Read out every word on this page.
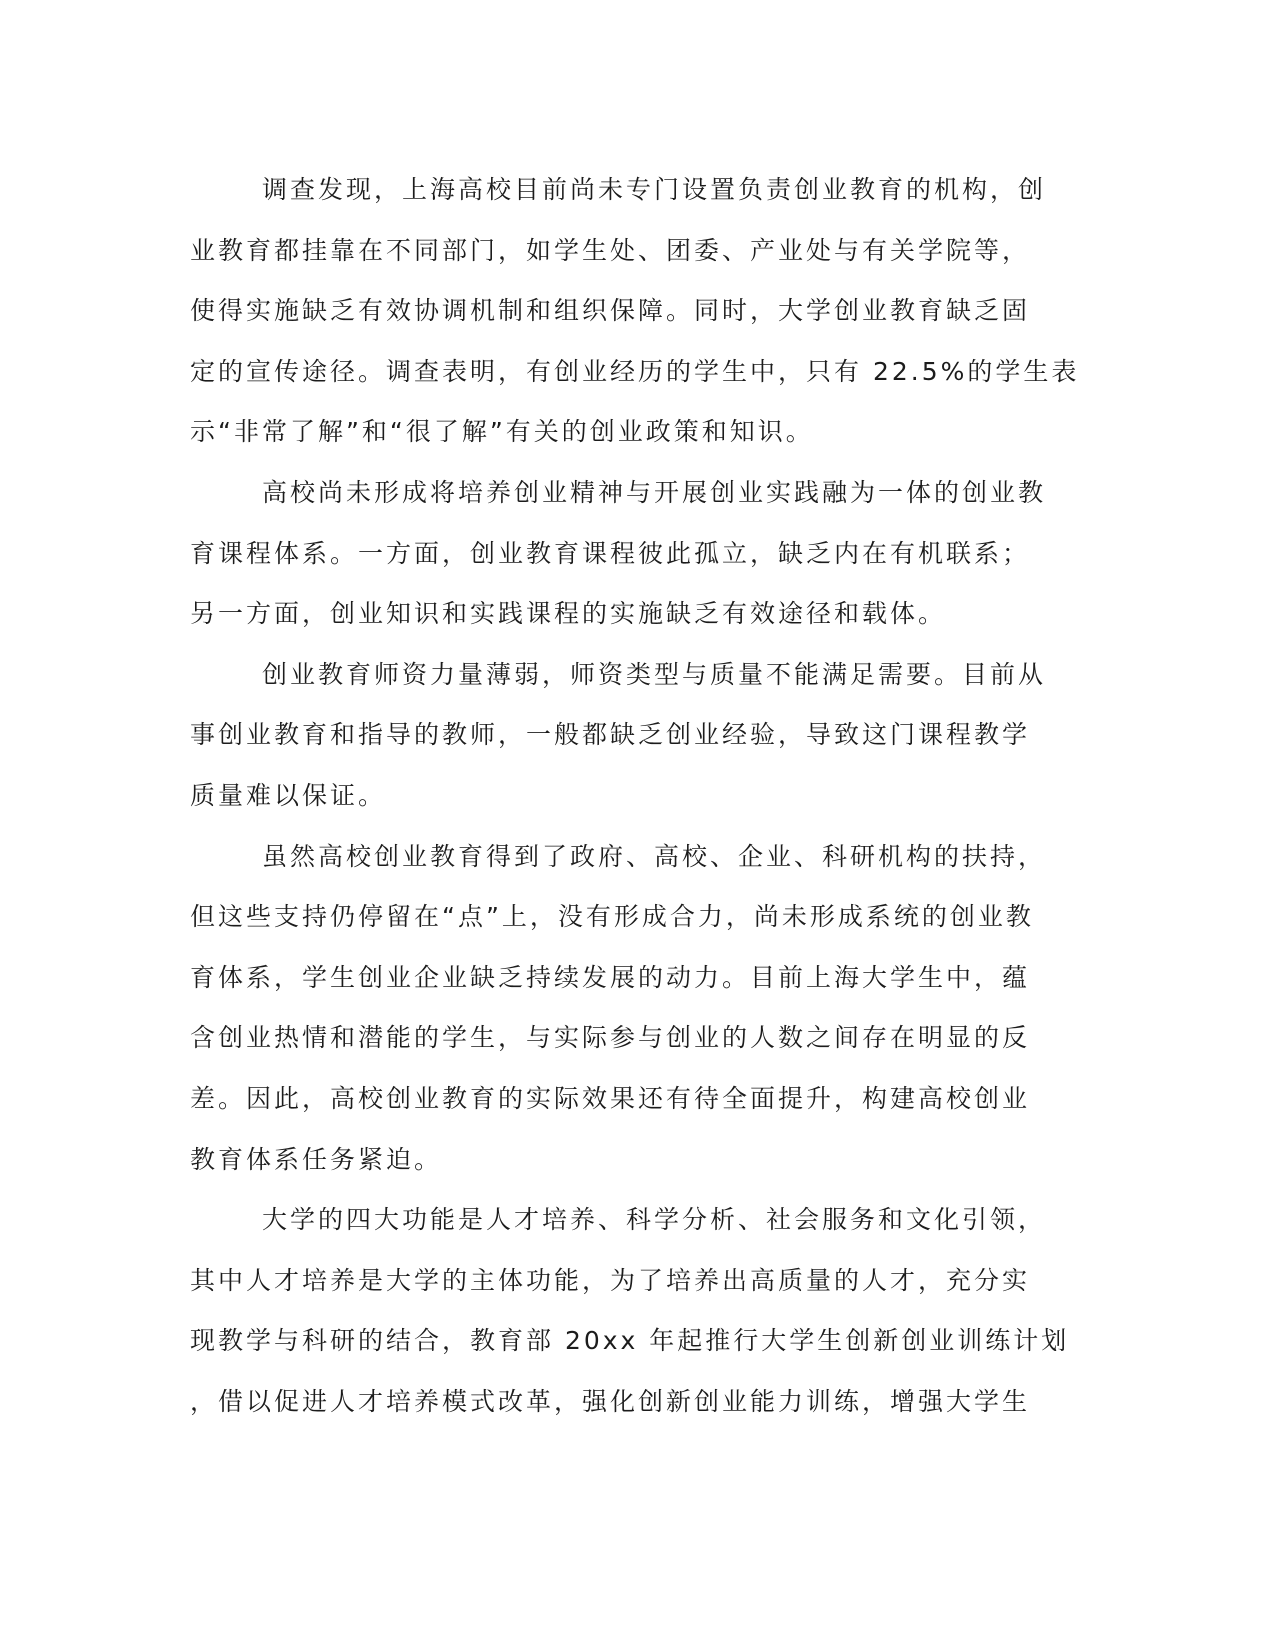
调查发现，上海高校目前尚未专门设置负责创业教育的机构，创
业教育都挂靠在不同部门，如学生处、团委、产业处与有关学院等，
使得实施缺乏有效协调机制和组织保障。同时，大学创业教育缺乏固
定的宣传途径。调查表明，有创业经历的学生中，只有 22.5%的学生表
示“非常了解”和“很了解”有关的创业政策和知识。
高校尚未形成将培养创业精神与开展创业实践融为一体的创业教
育课程体系。一方面，创业教育课程彼此孤立，缺乏内在有机联系；
另一方面，创业知识和实践课程的实施缺乏有效途径和载体。
创业教育师资力量薄弱，师资类型与质量不能满足需要。目前从
事创业教育和指导的教师，一般都缺乏创业经验，导致这门课程教学
质量难以保证。
虽然高校创业教育得到了政府、高校、企业、科研机构的扶持，
但这些支持仍停留在“点”上，没有形成合力，尚未形成系统的创业教
育体系，学生创业企业缺乏持续发展的动力。目前上海大学生中，蕴
含创业热情和潜能的学生，与实际参与创业的人数之间存在明显的反
差。因此，高校创业教育的实际效果还有待全面提升，构建高校创业
教育体系任务紧迫。
大学的四大功能是人才培养、科学分析、社会服务和文化引领，
其中人才培养是大学的主体功能，为了培养出高质量的人才，充分实
现教学与科研的结合，教育部 20xx 年起推行大学生创新创业训练计划
，借以促进人才培养模式改革，强化创新创业能力训练，增强大学生
